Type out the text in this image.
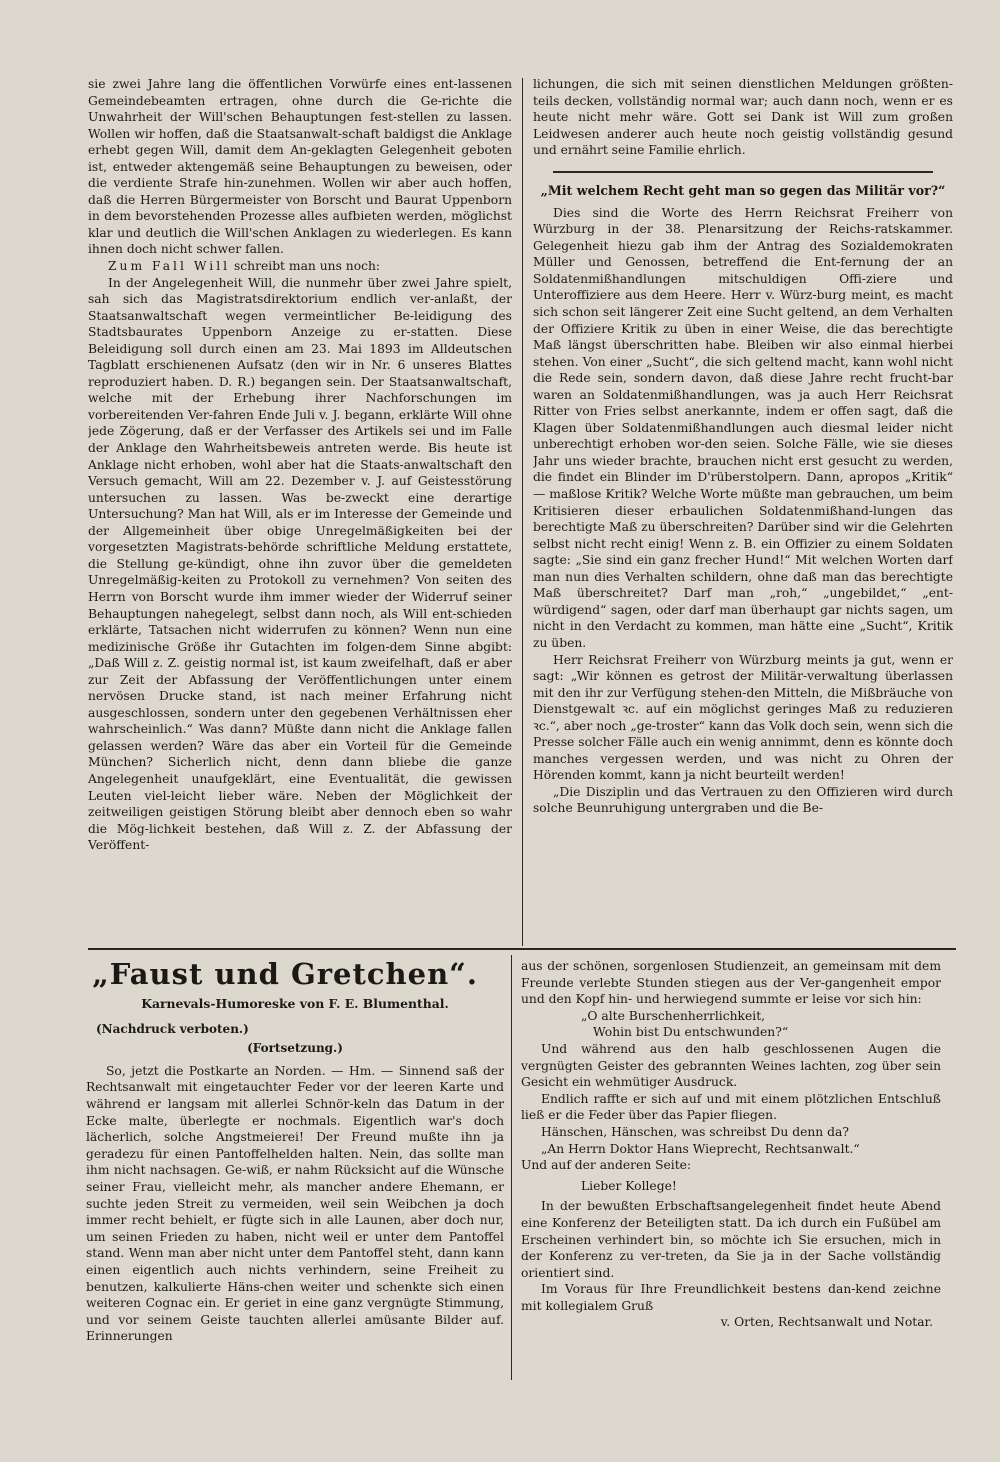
sie zwei Jahre lang die öffentlichen Vorwürfe eines ent-lassenen Gemeindebeamten ertragen, ohne durch die Ge-richte die Unwahrheit der Will'schen Behauptungen fest-stellen zu lassen. Wollen wir hoffen, daß die Staatsanwalt-schaft baldigst die Anklage erhebt gegen Will, damit dem An-geklagten Gelegenheit geboten ist, entweder aktengemäß seine Behauptungen zu beweisen, oder die verdiente Strafe hin-zunehmen. Wollen wir aber auch hoffen, daß die Herren Bürgermeister von Borscht und Baurat Uppenborn in dem bevorstehenden Prozesse alles aufbieten werden, möglichst klar und deutlich die Will'schen Anklagen zu wiederlegen. Es kann ihnen doch nicht schwer fallen.

Zum Fall Will schreibt man uns noch:

In der Angelegenheit Will, die nunmehr über zwei Jahre spielt, sah sich das Magistratsdirektorium endlich ver-anlaßt, der Staatsanwaltschaft wegen vermeintlicher Be-leidigung des Stadtsbaurates Uppenborn Anzeige zu er-statten. Diese Beleidigung soll durch einen am 23. Mai 1893 im Alldeutschen Tagblatt erschienenen Aufsatz (den wir in Nr. 6 unseres Blattes reproduziert haben. D. R.) begangen sein. Der Staatsanwaltschaft, welche mit der Erhebung ihrer Nachforschungen im vorbereitenden Ver-fahren Ende Juli v. J. begann, erklärte Will ohne jede Zögerung, daß er der Verfasser des Artikels sei und im Falle der Anklage den Wahrheitsbeweis antreten werde. Bis heute ist Anklage nicht erhoben, wohl aber hat die Staats-anwaltschaft den Versuch gemacht, Will am 22. Dezember v. J. auf Geistesstörung untersuchen zu lassen. Was be-zweckt eine derartige Untersuchung? Man hat Will, als er im Interesse der Gemeinde und der Allgemeinheit über obige Unregelmäßigkeiten bei der vorgesetzten Magistrats-behörde schriftliche Meldung erstattete, die Stellung ge-kündigt, ohne ihn zuvor über die gemeldeten Unregelmäßig-keiten zu Protokoll zu vernehmen? Von seiten des Herrn von Borscht wurde ihm immer wieder der Widerruf seiner Behauptungen nahegelegt, selbst dann noch, als Will ent-schieden erklärte, Tatsachen nicht widerrufen zu können? Wenn nun eine medizinische Größe ihr Gutachten im folgen-dem Sinne abgibt: „Daß Will z. Z. geistig normal ist, ist kaum zweifelhaft, daß er aber zur Zeit der Abfassung der Veröffentlichungen unter einem nervösen Drucke stand, ist nach meiner Erfahrung nicht ausgeschlossen, sondern unter den gegebenen Verhältnissen eher wahrscheinlich.“ Was dann? Müßte dann nicht die Anklage fallen gelassen werden? Wäre das aber ein Vorteil für die Gemeinde München? Sicherlich nicht, denn dann bliebe die ganze Angelegenheit unaufgeklärt, eine Eventualität, die gewissen Leuten viel-leicht lieber wäre. Neben der Möglichkeit der zeitweiligen geistigen Störung bleibt aber dennoch eben so wahr die Mög-lichkeit bestehen, daß Will z. Z. der Abfassung der Veröffent-

lichungen, die sich mit seinen dienstlichen Meldungen größten-teils decken, vollständig normal war; auch dann noch, wenn er es heute nicht mehr wäre. Gott sei Dank ist Will zum großen Leidwesen anderer auch heute noch geistig vollständig gesund und ernährt seine Familie ehrlich.

„Mit welchem Recht geht man so gegen das Militär vor?“

Dies sind die Worte des Herrn Reichsrat Freiherr von Würzburg in der 38. Plenarsitzung der Reichs-ratskammer. Gelegenheit hiezu gab ihm der Antrag des Sozialdemokraten Müller und Genossen, betreffend die Ent-fernung der an Soldatenmißhandlungen mitschuldigen Offi-ziere und Unteroffiziere aus dem Heere. Herr v. Würz-burg meint, es macht sich schon seit längerer Zeit eine Sucht geltend, an dem Verhalten der Offiziere Kritik zu üben in einer Weise, die das berechtigte Maß längst überschritten habe. Bleiben wir also einmal hierbei stehen. Von einer „Sucht“, die sich geltend macht, kann wohl nicht die Rede sein, sondern davon, daß diese Jahre recht frucht-bar waren an Soldatenmißhandlungen, was ja auch Herr Reichsrat Ritter von Fries selbst anerkannte, indem er offen sagt, daß die Klagen über Soldatenmißhandlungen auch diesmal leider nicht unberechtigt erhoben wor-den seien. Solche Fälle, wie sie dieses Jahr uns wieder brachte, brauchen nicht erst gesucht zu werden, die findet ein Blinder im D'rüberstolpern. Dann, apropos „Kritik“ — maßlose Kritik? Welche Worte müßte man gebrauchen, um beim Kritisieren dieser erbaulichen Soldatenmißhand-lungen das berechtigte Maß zu überschreiten? Darüber sind wir die Gelehrten selbst nicht recht einig! Wenn z. B. ein Offizier zu einem Soldaten sagte: „Sie sind ein ganz frecher Hund!“ Mit welchen Worten darf man nun dies Verhalten schildern, ohne daß man das berechtigte Maß überschreitet? Darf man „roh,“ „ungebildet,“ „ent-würdigend“ sagen, oder darf man überhaupt gar nichts sagen, um nicht in den Verdacht zu kommen, man hätte eine „Sucht“, Kritik zu üben.

Herr Reichsrat Freiherr von Würzburg meints ja gut, wenn er sagt: „Wir können es getrost der Militär-verwaltung überlassen mit den ihr zur Verfügung stehen-den Mitteln, die Mißbräuche von Dienstgewalt ꝛc. auf ein möglichst geringes Maß zu reduzieren ꝛc.“, aber noch „ge-troster“ kann das Volk doch sein, wenn sich die Presse solcher Fälle auch ein wenig annimmt, denn es könnte doch manches vergessen werden, und was nicht zu Ohren der Hörenden kommt, kann ja nicht beurteilt werden!

„Die Disziplin und das Vertrauen zu den Offizieren wird durch solche Beunruhigung untergraben und die Be-

„Faust und Gretchen“.
Karnevals-Humoreske von F. E. Blumenthal.
(Nachdruck verboten.)
(Fortsetzung.)

So, jetzt die Postkarte an Norden. — Hm. — Sinnend saß der Rechtsanwalt mit eingetauchter Feder vor der leeren Karte und während er langsam mit allerlei Schnör-keln das Datum in der Ecke malte, überlegte er nochmals. Eigentlich war's doch lächerlich, solche Angstmeierei! Der Freund mußte ihn ja geradezu für einen Pantoffelhelden halten. Nein, das sollte man ihm nicht nachsagen. Ge-wiß, er nahm Rücksicht auf die Wünsche seiner Frau, vielleicht mehr, als mancher andere Ehemann, er suchte jeden Streit zu vermeiden, weil sein Weibchen ja doch immer recht behielt, er fügte sich in alle Launen, aber doch nur, um seinen Frieden zu haben, nicht weil er unter dem Pantoffel stand. Wenn man aber nicht unter dem Pantoffel steht, dann kann einen eigentlich auch nichts verhindern, seine Freiheit zu benutzen, kalkulierte Häns-chen weiter und schenkte sich einen weiteren Cognac ein. Er geriet in eine ganz vergnügte Stimmung, und vor seinem Geiste tauchten allerlei amüsante Bilder auf. Erinnerungen

aus der schönen, sorgenlosen Studienzeit, an gemeinsam mit dem Freunde verlebte Stunden stiegen aus der Ver-gangenheit empor und den Kopf hin- und herwiegend summte er leise vor sich hin:

„O alte Burschenherrlichkeit,

Wohin bist Du entschwunden?“

Und während aus den halb geschlossenen Augen die vergnügten Geister des gebrannten Weines lachten, zog über sein Gesicht ein wehmütiger Ausdruck.

Endlich raffte er sich auf und mit einem plötzlichen Entschluß ließ er die Feder über das Papier fliegen.

Hänschen, Hänschen, was schreibst Du denn da?

„An Herrn Doktor Hans Wieprecht, Rechtsanwalt.“

Und auf der anderen Seite:

Lieber Kollege!

In der bewußten Erbschaftsangelegenheit findet heute Abend eine Konferenz der Beteiligten statt. Da ich durch ein Fußübel am Erscheinen verhindert bin, so möchte ich Sie ersuchen, mich in der Konferenz zu ver-treten, da Sie ja in der Sache vollständig orientiert sind.

Im Voraus für Ihre Freundlichkeit bestens dan-kend zeichne mit kollegialem Gruß

v. Orten, Rechtsanwalt und Notar.
